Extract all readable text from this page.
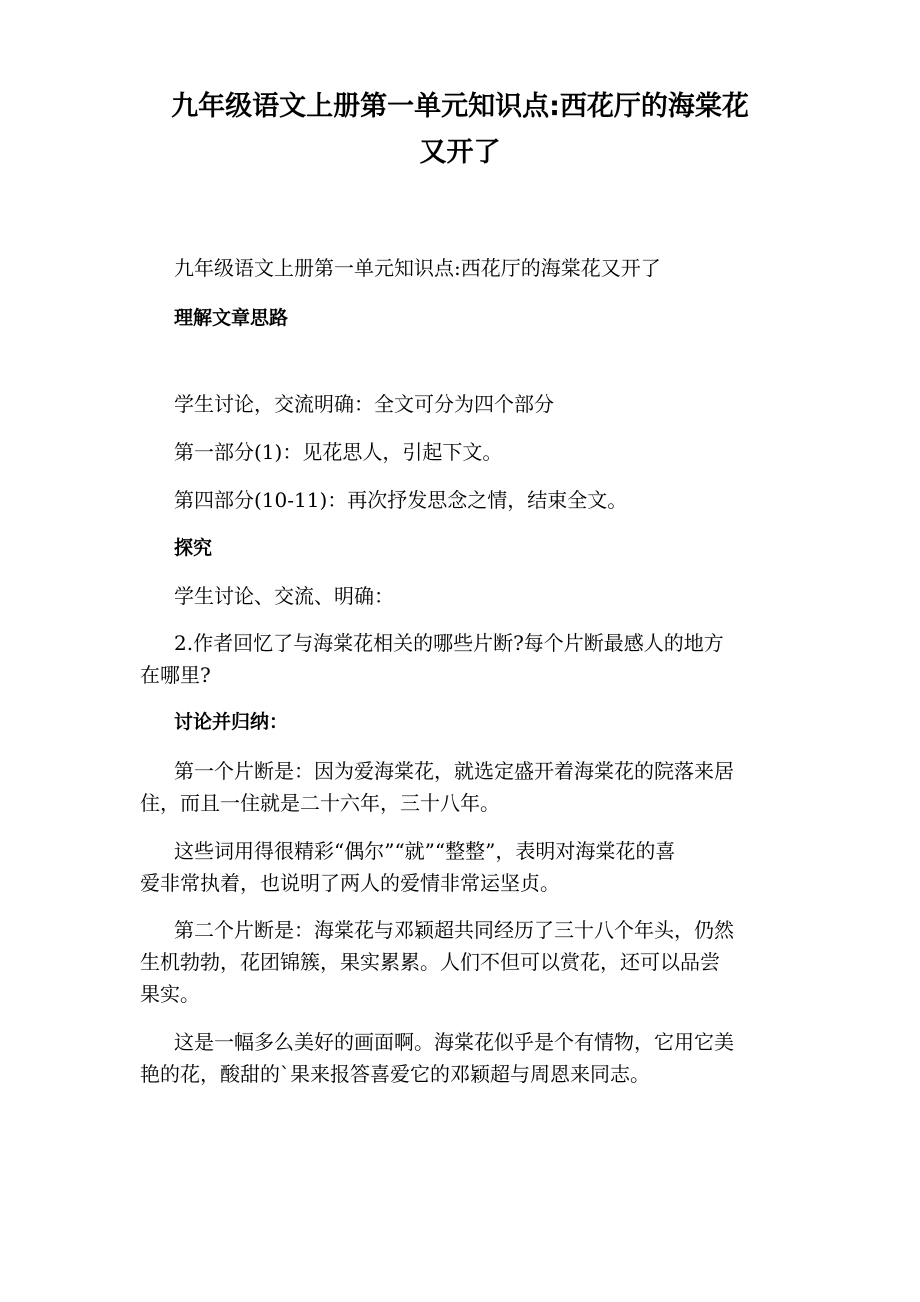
九年级语文上册第一单元知识点:西花厅的海棠花
又开了

九年级语文上册第一单元知识点:西花厅的海棠花又开了

理解文章思路

学生讨论，交流明确：全文可分为四个部分

第一部分(1)：见花思人，引起下文。

第四部分(10-11)：再次抒发思念之情，结束全文。

探究

学生讨论、交流、明确：

2.作者回忆了与海棠花相关的哪些片断?每个片断最感人的地方

在哪里?

讨论并归纳：

第一个片断是：因为爱海棠花，就选定盛开着海棠花的院落来居

住，而且一住就是二十六年，三十八年。

这些词用得很精彩“偶尔”“就”“整整”，表明对海棠花的喜

爱非常执着，也说明了两人的爱情非常运坚贞。

第二个片断是：海棠花与邓颖超共同经历了三十八个年头，仍然

生机勃勃，花团锦簇，果实累累。人们不但可以赏花，还可以品尝

果实。

这是一幅多么美好的画面啊。海棠花似乎是个有情物，它用它美

艳的花，酸甜的`果来报答喜爱它的邓颖超与周恩来同志。
